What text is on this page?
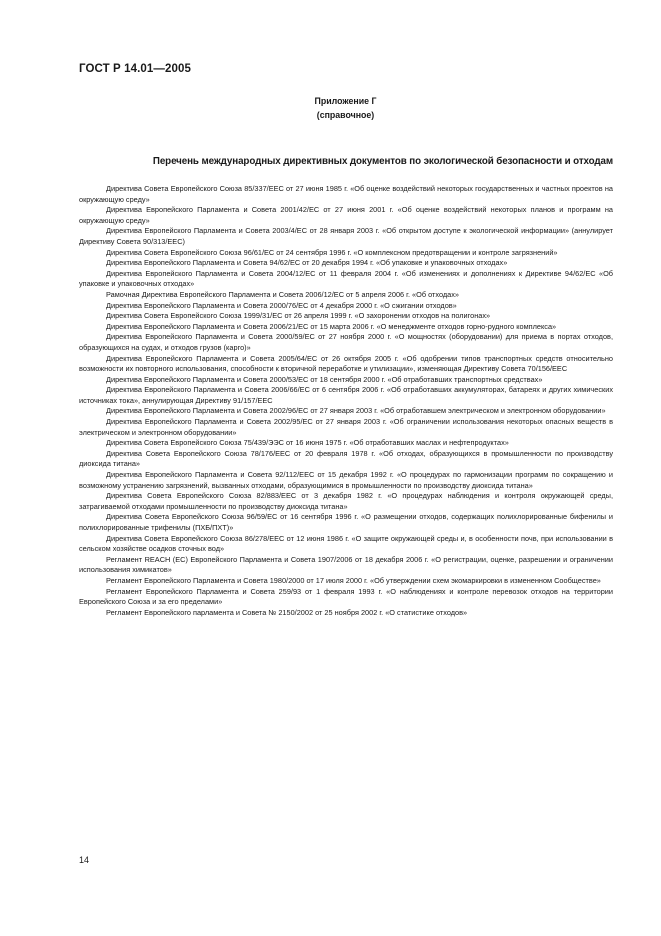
ГОСТ Р 14.01—2005
Приложение Г
(справочное)
Перечень международных директивных документов по экологической безопасности и отходам

Директива Совета Европейского Союза 85/337/ЕЕС от 27 июня 1985 г. «Об оценке воздействий некоторых государственных и частных проектов на окружающую среду»

Директива Европейского Парламента и Совета 2001/42/ЕС от 27 июня 2001 г. «Об оценке воздействий некоторых планов и программ на окружающую среду»

Директива Европейского Парламента и Совета 2003/4/ЕС от 28 января 2003 г. «Об открытом доступе к экологической информации» (аннулирует Директиву Совета 90/313/ЕЕС)

Директива Совета Европейского Союза 96/61/ЕС от 24 сентября 1996 г. «О комплексном предотвращении и контроле загрязнений»

Директива Европейского Парламента и Совета 94/62/ЕС от 20 декабря 1994 г. «Об упаковке и упаковочных отходах»

Директива Европейского Парламента и Совета 2004/12/ЕС от 11 февраля 2004 г. «Об изменениях и дополнениях к Директиве 94/62/ЕС «Об упаковке и упаковочных отходах»

Рамочная Директива Европейского Парламента и Совета 2006/12/ЕС от 5 апреля 2006 г. «Об отходах»

Директива Европейского Парламента и Совета 2000/76/ЕС от 4 декабря 2000 г. «О сжигании отходов»

Директива Совета Европейского Союза 1999/31/ЕС от 26 апреля 1999 г. «О захоронении отходов на полигонах»

Директива Европейского Парламента и Совета 2006/21/ЕС от 15 марта 2006 г. «О менеджменте отходов горно-рудного комплекса»

Директива Европейского Парламента и Совета 2000/59/ЕС от 27 ноября 2000 г. «О мощностях (оборудовании) для приема в портах отходов, образующихся на судах, и отходов грузов (карго)»

Директива Европейского Парламента и Совета 2005/64/ЕС от 26 октября 2005 г. «Об одобрении типов транспортных средств относительно возможности их повторного использования, способности к вторичной переработке и утилизации», изменяющая Директиву Совета 70/156/ЕЕС

Директива Европейского Парламента и Совета 2000/53/ЕС от 18 сентября 2000 г. «Об отработавших транспортных средствах»

Директива Европейского Парламента и Совета 2006/66/ЕС от 6 сентября 2006 г. «Об отработавших аккумуляторах, батареях и других химических источниках тока», аннулирующая Директиву 91/157/ЕЕС

Директива Европейского Парламента и Совета 2002/96/ЕС от 27 января 2003 г. «Об отработавшем электрическом и электронном оборудовании»

Директива Европейского Парламента и Совета 2002/95/ЕС от 27 января 2003 г. «Об ограничении использования некоторых опасных веществ в электрическом и электронном оборудовании»

Директива Совета Европейского Союза 75/439/ЭЭС от 16 июня 1975 г. «Об отработавших маслах и нефтепродуктах»

Директива Совета Европейского Союза 78/176/ЕЕС от 20 февраля 1978 г. «Об отходах, образующихся в промышленности по производству диоксида титана»

Директива Европейского Парламента и Совета 92/112/ЕЕС от 15 декабря 1992 г. «О процедурах по гармонизации программ по сокращению и возможному устранению загрязнений, вызванных отходами, образующимися в промышленности по производству диоксида титана»

Директива Совета Европейского Союза 82/883/ЕЕС от 3 декабря 1982 г. «О процедурах наблюдения и контроля окружающей среды, затрагиваемой отходами промышленности по производству диоксида титана»

Директива Совета Европейского Союза 96/59/ЕС от 16 сентября 1996 г. «О размещении отходов, содержащих полихлорированные бифенилы и полихлорированные трифенилы (ПХБ/ПХТ)»

Директива Совета Европейского Союза 86/278/ЕЕС от 12 июня 1986 г. «О защите окружающей среды и, в особенности почв, при использовании в сельском хозяйстве осадков сточных вод»

Регламент REACH (ЕС) Европейского Парламента и Совета 1907/2006 от 18 декабря 2006 г. «О регистрации, оценке, разрешении и ограничении использования химикатов»

Регламент Европейского Парламента и Совета 1980/2000 от 17 июля 2000 г. «Об утверждении схем экомаркировки в измененном Сообществе»

Регламент Европейского Парламента и Совета 259/93 от 1 февраля 1993 г. «О наблюдениях и контроле перевозок отходов на территории Европейского Союза и за его пределами»

Регламент Европейского парламента и Совета № 2150/2002 от 25 ноября 2002 г. «О статистике отходов»

14
